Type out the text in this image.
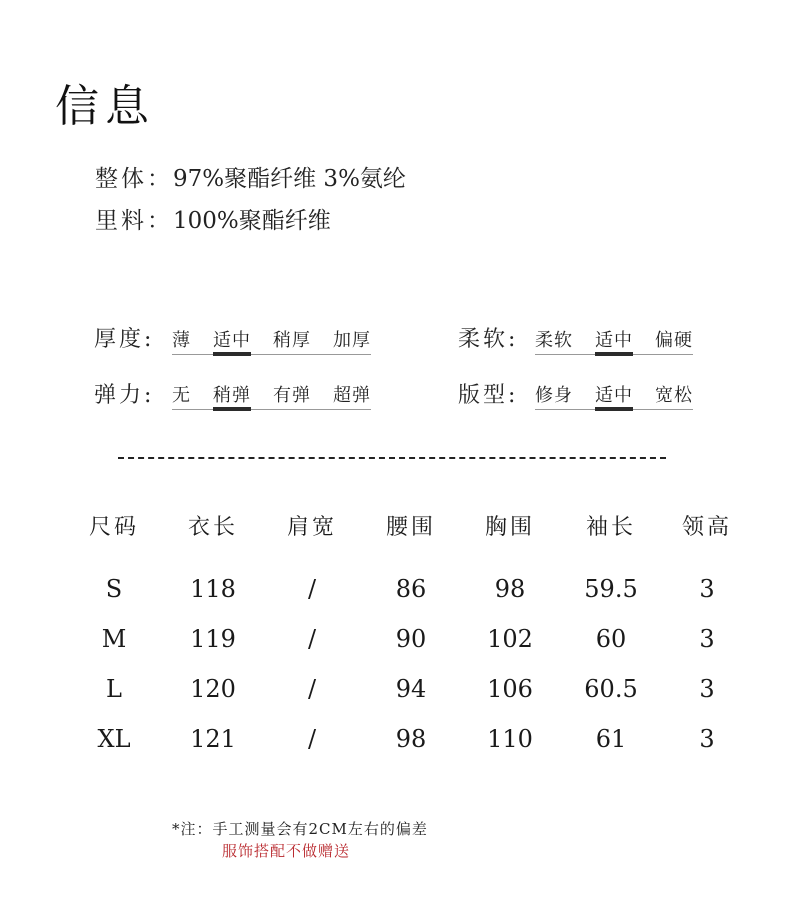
信息
整体：97%聚酯纤维 3%氨纶
里料：100%聚酯纤维
厚度: 薄 适中 稍厚 加厚	柔软: 柔软 适中 偏硬
弹力: 无 稍弹 有弹 超弹	版型: 修身 适中 宽松
尺码	衣长	肩宽	腰围	胸围	袖长	领高

S	118	/	86	98	59.5	3
M	119	/	90	102	60	3
L	120	/	94	106	60.5	3
XL	121	/	98	110	61	3
*注：手工测量会有2CM左右的偏差
服饰搭配不做赠送
